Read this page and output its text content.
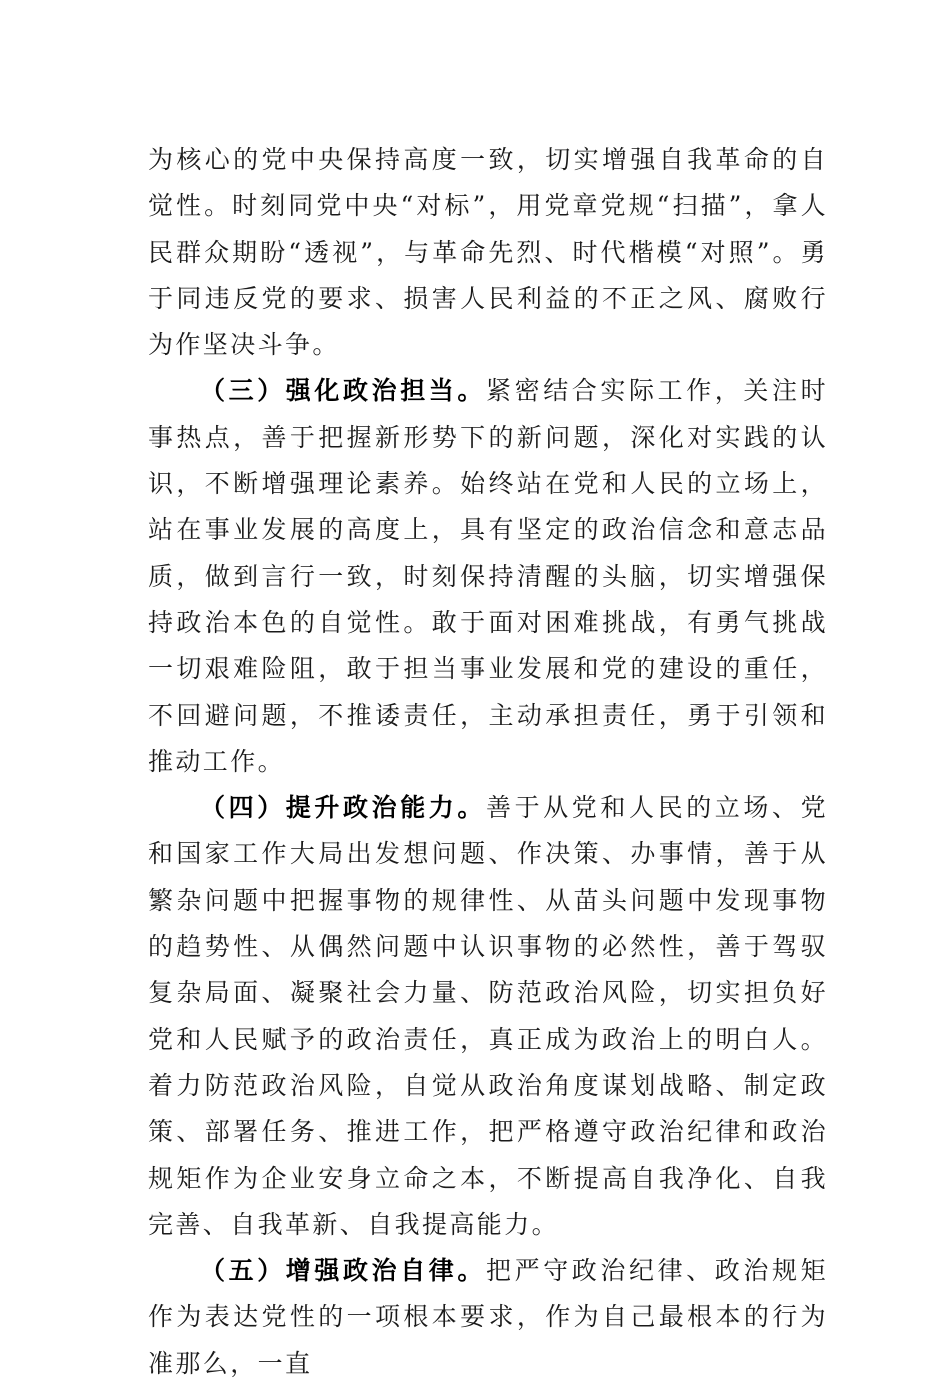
为核心的党中央保持高度一致，切实增强自我革命的自觉性。时刻同党中央“对标”，用党章党规“扫描”，拿人民群众期盼“透视”，与革命先烈、时代楷模“对照”。勇于同违反党的要求、损害人民利益的不正之风、腐败行为作坚决斗争。

（三）强化政治担当。紧密结合实际工作，关注时事热点，善于把握新形势下的新问题，深化对实践的认识，不断增强理论素养。始终站在党和人民的立场上，站在事业发展的高度上，具有坚定的政治信念和意志品质，做到言行一致，时刻保持清醒的头脑，切实增强保持政治本色的自觉性。敢于面对困难挑战，有勇气挑战一切艰难险阻，敢于担当事业发展和党的建设的重任，不回避问题，不推诿责任，主动承担责任，勇于引领和推动工作。

（四）提升政治能力。善于从党和人民的立场、党和国家工作大局出发想问题、作决策、办事情，善于从繁杂问题中把握事物的规律性、从苗头问题中发现事物的趋势性、从偶然问题中认识事物的必然性，善于驾驭复杂局面、凝聚社会力量、防范政治风险，切实担负好党和人民赋予的政治责任，真正成为政治上的明白人。着力防范政治风险，自觉从政治角度谋划战略、制定政策、部署任务、推进工作，把严格遵守政治纪律和政治规矩作为企业安身立命之本，不断提高自我净化、自我完善、自我革新、自我提高能力。

（五）增强政治自律。把严守政治纪律、政治规矩作为表达党性的一项根本要求，作为自己最根本的行为准那么，一直
